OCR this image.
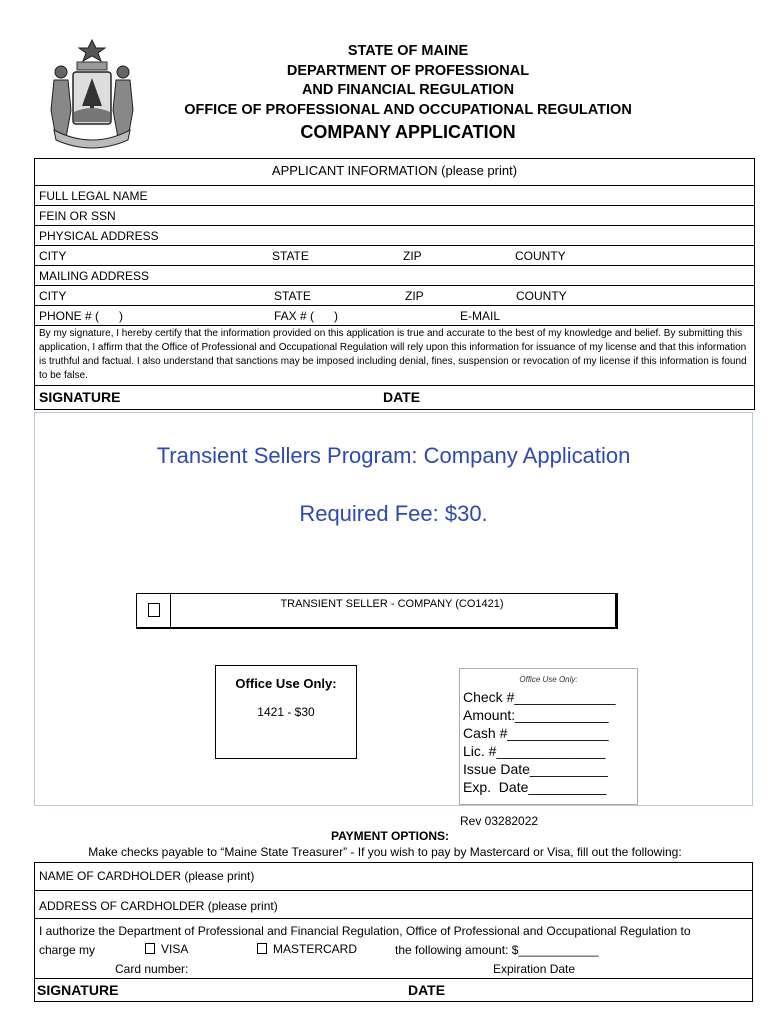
STATE OF MAINE
DEPARTMENT OF PROFESSIONAL
AND FINANCIAL REGULATION
OFFICE OF PROFESSIONAL AND OCCUPATIONAL REGULATION
COMPANY APPLICATION
APPLICANT INFORMATION (please print)
FULL LEGAL NAME
FEIN OR SSN
PHYSICAL ADDRESS
CITY	STATE	ZIP	COUNTY
MAILING ADDRESS
CITY	STATE	ZIP	COUNTY
PHONE # (      )	FAX # (      )	E-MAIL
By my signature, I hereby certify that the information provided on this application is true and accurate to the best of my knowledge and belief. By submitting this application, I affirm that the Office of Professional and Occupational Regulation will rely upon this information for issuance of my license and that this information is truthful and factual. I also understand that sanctions may be imposed including denial, fines, suspension or revocation of my license if this information is found to be false.
SIGNATURE	DATE
Transient Sellers Program: Company Application
Required Fee: $30.
TRANSIENT SELLER - COMPANY (CO1421)
Office Use Only:
1421 - $30
Office Use Only:
Check #_____________
Amount:____________
Cash #_____________
Lic. #______________
Issue Date__________
Exp.  Date__________
Rev 03282022
PAYMENT OPTIONS:
Make checks payable to “Maine State Treasurer” - If you wish to pay by Mastercard or Visa, fill out the following:
NAME OF CARDHOLDER (please print)
ADDRESS OF CARDHOLDER (please print)
I authorize the Department of Professional and Financial Regulation, Office of Professional and Occupational Regulation to
charge my	VISA	MASTERCARD	the following amount: $____________
Card number:	Expiration Date
SIGNATURE	DATE
